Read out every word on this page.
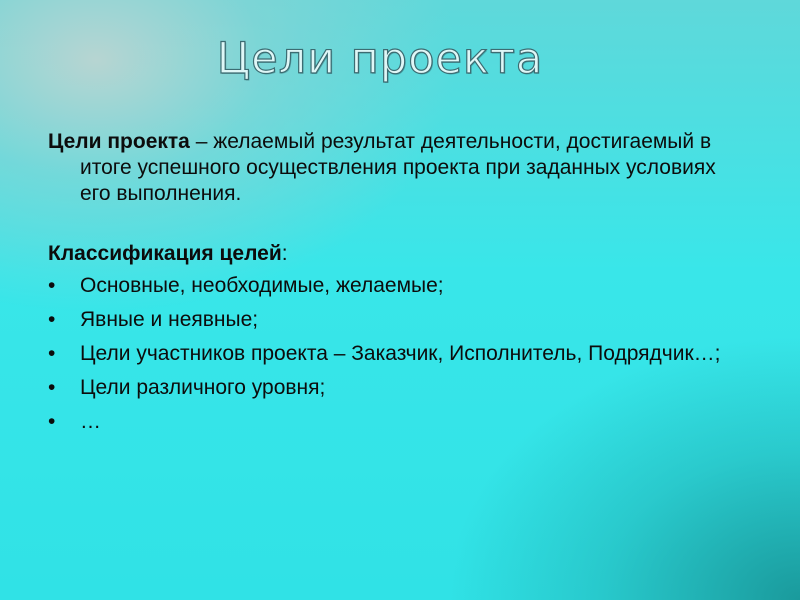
Цели проекта

Цели проекта – желаемый результат деятельности, достигаемый в итоге успешного осуществления проекта при заданных условиях его выполнения.

Классификация целей:

• Основные, необходимые, желаемые;
• Явные и неявные;
• Цели участников проекта – Заказчик, Исполнитель, Подрядчик…;
• Цели различного уровня;
• …
